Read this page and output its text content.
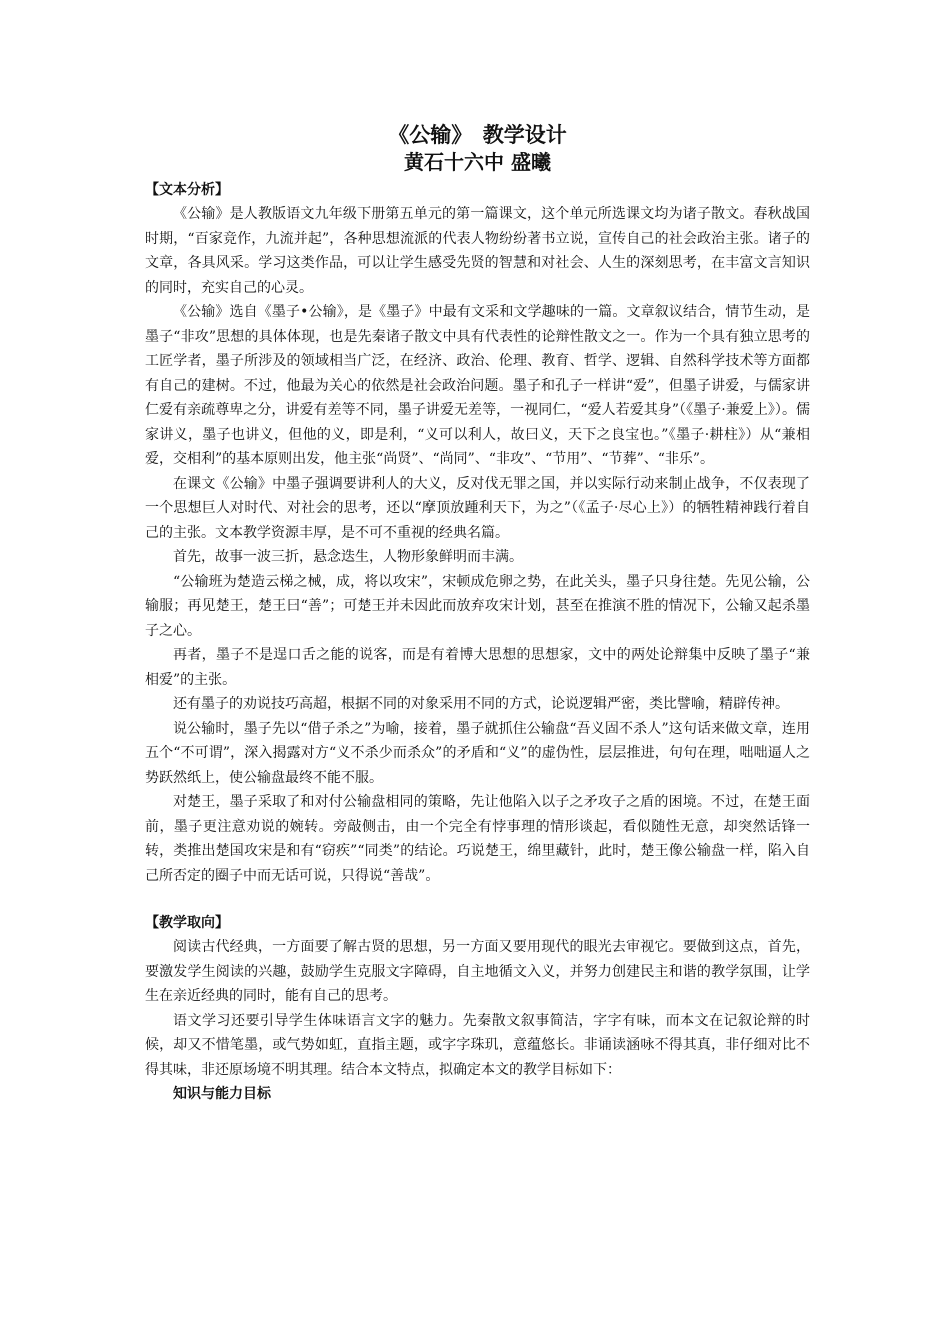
《公输》　教学设计
黄石十六中 盛曦
【文本分析】

《公输》是人教版语文九年级下册第五单元的第一篇课文，这个单元所选课文均为诸子散文。春秋战国时期，“百家竞作，九流并起”，各种思想流派的代表人物纷纷著书立说，宣传自己的社会政治主张。诸子的文章，各具风采。学习这类作品，可以让学生感受先贤的智慧和对社会、人生的深刻思考，在丰富文言知识的同时，充实自己的心灵。

《公输》选自《墨子•公输》，是《墨子》中最有文采和文学趣味的一篇。文章叙议结合，情节生动，是墨子“非攻”思想的具体体现，也是先秦诸子散文中具有代表性的论辩性散文之一。作为一个具有独立思考的工匠学者，墨子所涉及的领域相当广泛，在经济、政治、伦理、教育、哲学、逻辑、自然科学技术等方面都有自己的建树。不过，他最为关心的依然是社会政治问题。墨子和孔子一样讲“爱”，但墨子讲爱，与儒家讲仁爱有亲疏尊卑之分，讲爱有差等不同，墨子讲爱无差等，一视同仁，“爱人若爱其身”（《墨子·兼爱上》）。儒家讲义，墨子也讲义，但他的义，即是利，“义可以利人，故曰义，天下之良宝也。”《墨子·耕柱》）从“兼相爱，交相利”的基本原则出发，他主张“尚贤”、“尚同”、“非攻”、“节用”、“节葬”、“非乐”。

在课文《公输》中墨子强调要讲利人的大义，反对伐无罪之国，并以实际行动来制止战争，不仅表现了一个思想巨人对时代、对社会的思考，还以“摩顶放踵利天下，为之”（《孟子·尽心上》）的牺牲精神践行着自己的主张。文本教学资源丰厚，是不可不重视的经典名篇。

首先，故事一波三折，悬念迭生，人物形象鲜明而丰满。

“公输班为楚造云梯之械，成，将以攻宋”，宋顿成危卵之势，在此关头，墨子只身往楚。先见公输，公输服；再见楚王，楚王曰“善”；可楚王并未因此而放弃攻宋计划，甚至在推演不胜的情况下，公输又起杀墨子之心。

再者，墨子不是逞口舌之能的说客，而是有着博大思想的思想家，文中的两处论辩集中反映了墨子“兼相爱”的主张。

还有墨子的劝说技巧高超，根据不同的对象采用不同的方式，论说逻辑严密，类比譬喻，精辟传神。

说公输时，墨子先以“借子杀之”为喻，接着，墨子就抓住公输盘“吾义固不杀人”这句话来做文章，连用五个“不可谓”，深入揭露对方“义不杀少而杀众”的矛盾和“义”的虚伪性，层层推进，句句在理，咄咄逼人之势跃然纸上，使公输盘最终不能不服。

对楚王，墨子采取了和对付公输盘相同的策略，先让他陷入以子之矛攻子之盾的困境。不过，在楚王面前，墨子更注意劝说的婉转。旁敲侧击，由一个完全有悖事理的情形谈起，看似随性无意，却突然话锋一转，类推出楚国攻宋是和有“窃疾”“同类”的结论。巧说楚王，绵里藏针，此时，楚王像公输盘一样，陷入自己所否定的圈子中而无话可说，只得说“善哉”。

【教学取向】

阅读古代经典，一方面要了解古贤的思想，另一方面又要用现代的眼光去审视它。要做到这点，首先，要激发学生阅读的兴趣，鼓励学生克服文字障碍，自主地循文入义，并努力创建民主和谐的教学氛围，让学生在亲近经典的同时，能有自己的思考。

语文学习还要引导学生体味语言文字的魅力。先秦散文叙事简洁，字字有味，而本文在记叙论辩的时候，却又不惜笔墨，或气势如虹，直指主题，或字字珠玑，意蕴悠长。非诵读涵咏不得其真，非仔细对比不得其味，非还原场境不明其理。结合本文特点，拟确定本文的教学目标如下：

知识与能力目标
